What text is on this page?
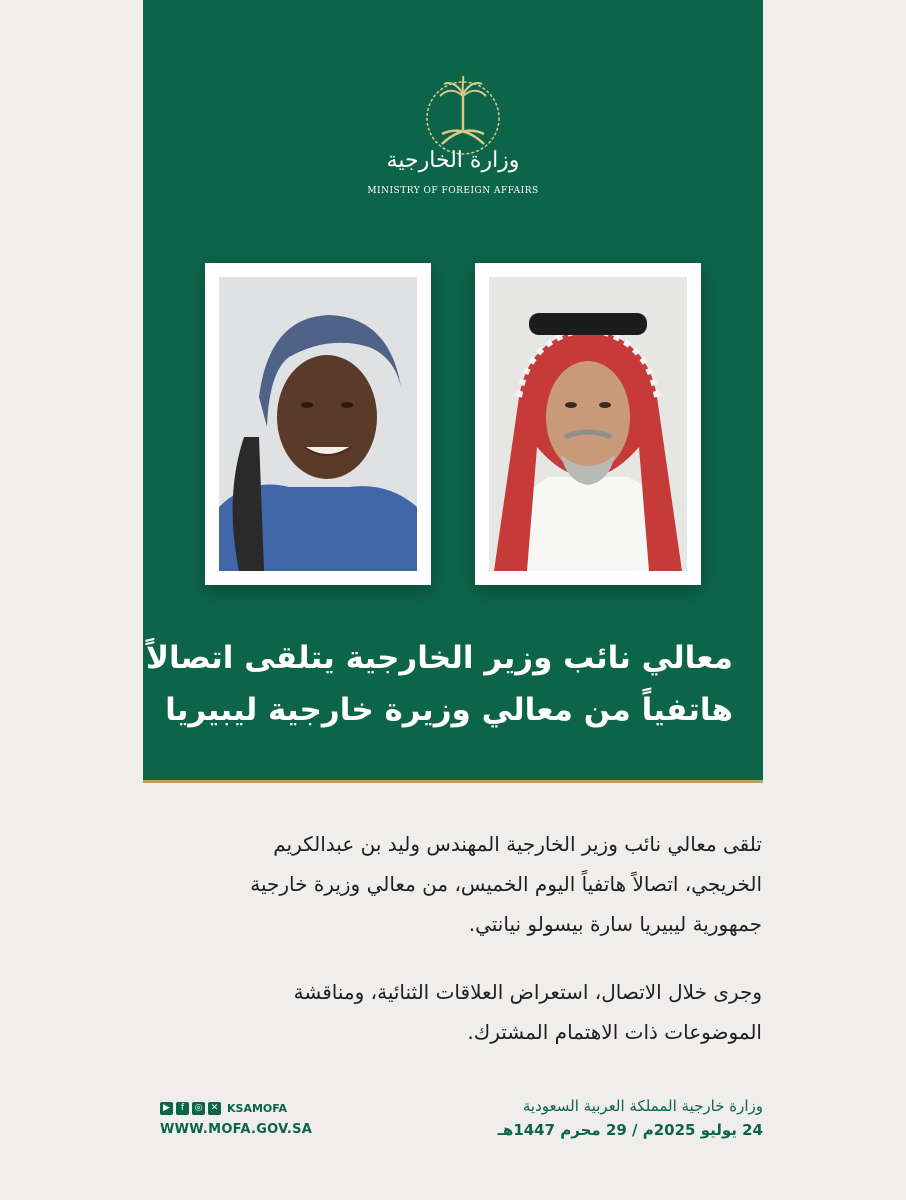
وزارة الخارجية
MINISTRY OF FOREIGN AFFAIRS
معالي نائب وزير الخارجية يتلقى اتصالاً
هاتفياً من معالي وزيرة خارجية ليبيريا
تلقى معالي نائب وزير الخارجية المهندس وليد بن عبدالكريم
الخريجي، اتصالاً هاتفياً اليوم الخميس، من معالي وزيرة خارجية
جمهورية ليبيريا سارة بيسولو نيانتي.
وجرى خلال الاتصال، استعراض العلاقات الثنائية، ومناقشة
الموضوعات ذات الاهتمام المشترك.
▶	f	◎ ✕ KSAMOFA
WWW.MOFA.GOV.SA
وزارة خارجية المملكة العربية السعودية
24 يوليو 2025م / 29 محرم 1447هـ
